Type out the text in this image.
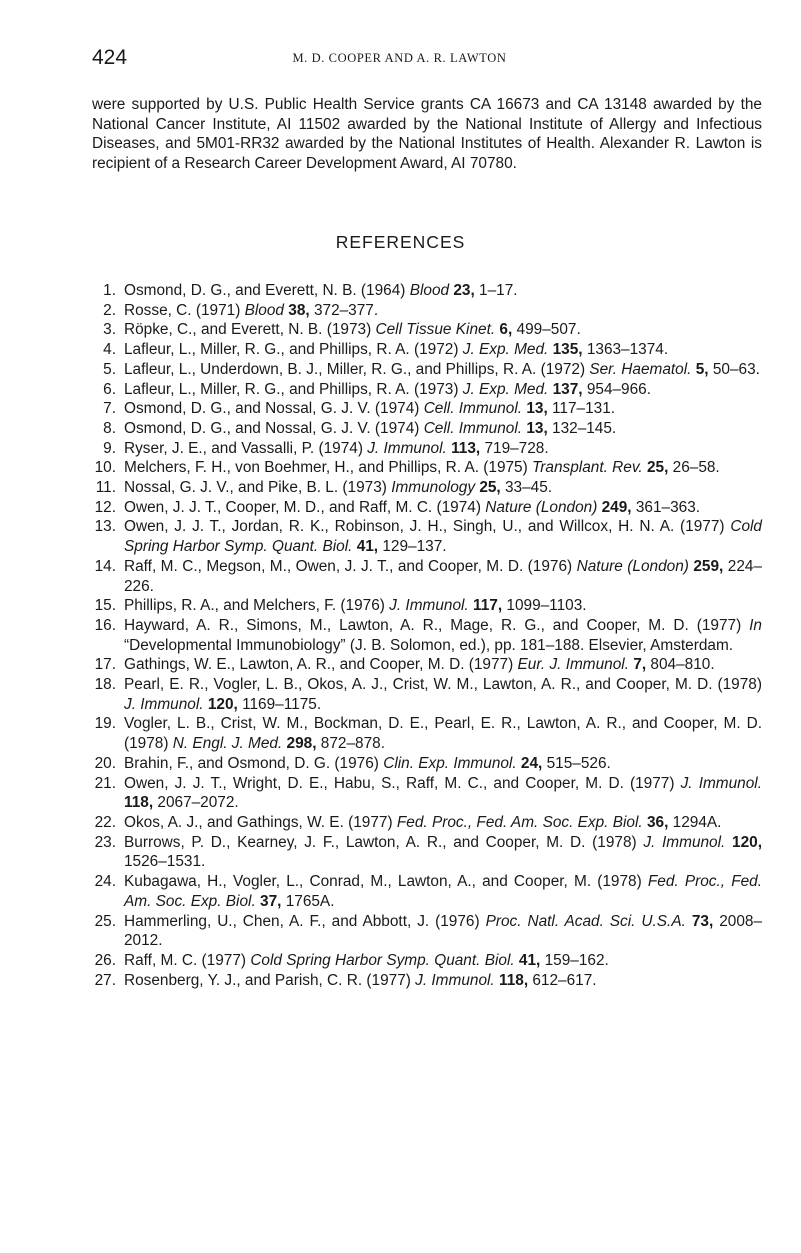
424	M. D. COOPER AND A. R. LAWTON

were supported by U.S. Public Health Service grants CA 16673 and CA 13148 awarded by the National Cancer Institute, AI 11502 awarded by the National Institute of Allergy and Infectious Diseases, and 5M01-RR32 awarded by the National Institutes of Health. Alexander R. Lawton is recipient of a Research Career Development Award, AI 70780.

REFERENCES
1. Osmond, D. G., and Everett, N. B. (1964) Blood 23, 1–17.
2. Rosse, C. (1971) Blood 38, 372–377.
3. Röpke, C., and Everett, N. B. (1973) Cell Tissue Kinet. 6, 499–507.
4. Lafleur, L., Miller, R. G., and Phillips, R. A. (1972) J. Exp. Med. 135, 1363–1374.
5. Lafleur, L., Underdown, B. J., Miller, R. G., and Phillips, R. A. (1972) Ser. Haematol. 5, 50–63.
6. Lafleur, L., Miller, R. G., and Phillips, R. A. (1973) J. Exp. Med. 137, 954–966.
7. Osmond, D. G., and Nossal, G. J. V. (1974) Cell. Immunol. 13, 117–131.
8. Osmond, D. G., and Nossal, G. J. V. (1974) Cell. Immunol. 13, 132–145.
9. Ryser, J. E., and Vassalli, P. (1974) J. Immunol. 113, 719–728.
10. Melchers, F. H., von Boehmer, H., and Phillips, R. A. (1975) Transplant. Rev. 25, 26–58.
11. Nossal, G. J. V., and Pike, B. L. (1973) Immunology 25, 33–45.
12. Owen, J. J. T., Cooper, M. D., and Raff, M. C. (1974) Nature (London) 249, 361–363.
13. Owen, J. J. T., Jordan, R. K., Robinson, J. H., Singh, U., and Willcox, H. N. A. (1977) Cold Spring Harbor Symp. Quant. Biol. 41, 129–137.
14. Raff, M. C., Megson, M., Owen, J. J. T., and Cooper, M. D. (1976) Nature (London) 259, 224–226.
15. Phillips, R. A., and Melchers, F. (1976) J. Immunol. 117, 1099–1103.
16. Hayward, A. R., Simons, M., Lawton, A. R., Mage, R. G., and Cooper, M. D. (1977) In “Developmental Immunobiology” (J. B. Solomon, ed.), pp. 181–188. Elsevier, Amsterdam.
17. Gathings, W. E., Lawton, A. R., and Cooper, M. D. (1977) Eur. J. Immunol. 7, 804–810.
18. Pearl, E. R., Vogler, L. B., Okos, A. J., Crist, W. M., Lawton, A. R., and Cooper, M. D. (1978) J. Immunol. 120, 1169–1175.
19. Vogler, L. B., Crist, W. M., Bockman, D. E., Pearl, E. R., Lawton, A. R., and Cooper, M. D. (1978) N. Engl. J. Med. 298, 872–878.
20. Brahin, F., and Osmond, D. G. (1976) Clin. Exp. Immunol. 24, 515–526.
21. Owen, J. J. T., Wright, D. E., Habu, S., Raff, M. C., and Cooper, M. D. (1977) J. Immunol. 118, 2067–2072.
22. Okos, A. J., and Gathings, W. E. (1977) Fed. Proc., Fed. Am. Soc. Exp. Biol. 36, 1294A.
23. Burrows, P. D., Kearney, J. F., Lawton, A. R., and Cooper, M. D. (1978) J. Immunol. 120, 1526–1531.
24. Kubagawa, H., Vogler, L., Conrad, M., Lawton, A., and Cooper, M. (1978) Fed. Proc., Fed. Am. Soc. Exp. Biol. 37, 1765A.
25. Hammerling, U., Chen, A. F., and Abbott, J. (1976) Proc. Natl. Acad. Sci. U.S.A. 73, 2008–2012.
26. Raff, M. C. (1977) Cold Spring Harbor Symp. Quant. Biol. 41, 159–162.
27. Rosenberg, Y. J., and Parish, C. R. (1977) J. Immunol. 118, 612–617.
